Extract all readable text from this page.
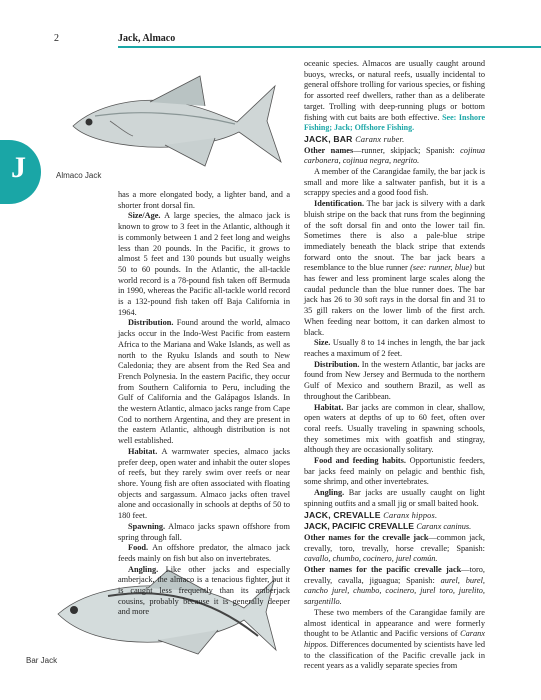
2	Jack, Almaco
J	Almaco Jack
Bar Jack

has a more elongated body, a lighter band, and a shorter front dorsal fin.

Size/Age. A large species, the almaco jack is known to grow to 3 feet in the Atlantic, although it is commonly between 1 and 2 feet long and weighs less than 20 pounds. In the Pacific, it grows to almost 5 feet and 130 pounds but usually weighs 50 to 60 pounds. In the Atlantic, the all-tackle world record is a 78-pound fish taken off Bermuda in 1990, whereas the Pacific all-tackle world record is a 132-pound fish taken off Baja California in 1964.

Distribution. Found around the world, almaco jacks occur in the Indo-West Pacific from eastern Africa to the Mariana and Wake Islands, as well as north to the Ryuku Islands and south to New Caledonia; they are absent from the Red Sea and French Polynesia. In the eastern Pacific, they occur from Southern California to Peru, including the Gulf of California and the Galápagos Islands. In the western Atlantic, almaco jacks range from Cape Cod to northern Argentina, and they are present in the eastern Atlantic, although distribution is not well established.

Habitat. A warmwater species, almaco jacks prefer deep, open water and inhabit the outer slopes of reefs, but they rarely swim over reefs or near shore. Young fish are often associated with floating objects and sargassum. Almaco jacks often travel alone and occasionally in schools at depths of 50 to 180 feet.

Spawning. Almaco jacks spawn offshore from spring through fall.

Food. An offshore predator, the almaco jack feeds mainly on fish but also on invertebrates.

Angling. Like other jacks and especially amberjack, the almaco is a tenacious fighter, but it is caught less frequently than its amberjack cousins, probably because it is generally deeper and more

oceanic species. Almacos are usually caught around buoys, wrecks, or natural reefs, usually incidental to general offshore trolling for various species, or fishing for assorted reef dwellers, rather than as a deliberate target. Trolling with deep-running plugs or bottom fishing with cut baits are both effective. See: Inshore Fishing; Jack; Offshore Fishing.

JACK, BAR Caranx ruber.

Other names—runner, skipjack; Spanish: cojinua carbonera, cojinua negra, negrito.

A member of the Carangidae family, the bar jack is small and more like a saltwater panfish, but it is a scrappy species and a good food fish.

Identification. The bar jack is silvery with a dark bluish stripe on the back that runs from the beginning of the soft dorsal fin and onto the lower tail fin. Sometimes there is also a pale-blue stripe immediately beneath the black stripe that extends forward onto the snout. The bar jack bears a resemblance to the blue runner (see: runner, blue) but has fewer and less prominent large scales along the caudal peduncle than the blue runner does. The bar jack has 26 to 30 soft rays in the dorsal fin and 31 to 35 gill rakers on the lower limb of the first arch. When feeding near bottom, it can darken almost to black.

Size. Usually 8 to 14 inches in length, the bar jack reaches a maximum of 2 feet.

Distribution. In the western Atlantic, bar jacks are found from New Jersey and Bermuda to the northern Gulf of Mexico and southern Brazil, as well as throughout the Caribbean.

Habitat. Bar jacks are common in clear, shallow, open waters at depths of up to 60 feet, often over coral reefs. Usually traveling in spawning schools, they sometimes mix with goatfish and stingray, although they are occasionally solitary.

Food and feeding habits. Opportunistic feeders, bar jacks feed mainly on pelagic and benthic fish, some shrimp, and other invertebrates.

Angling. Bar jacks are usually caught on light spinning outfits and a small jig or small baited hook.

JACK, CREVALLE Caranx hippos.

JACK, PACIFIC CREVALLE Caranx caninus.

Other names for the crevalle jack—common jack, crevally, toro, trevally, horse crevalle; Spanish: cavallo, chumbo, cocinero, jurel común.

Other names for the pacific crevalle jack—toro, crevally, cavalla, jiguagua; Spanish: aurel, burel, cancho jurel, chumbo, cocinero, jurel toro, jurelito, sargentillo.

These two members of the Carangidae family are almost identical in appearance and were formerly thought to be Atlantic and Pacific versions of Caranx hippos. Differences documented by scientists have led to the classification of the Pacific crevalle jack in recent years as a validly separate species from
